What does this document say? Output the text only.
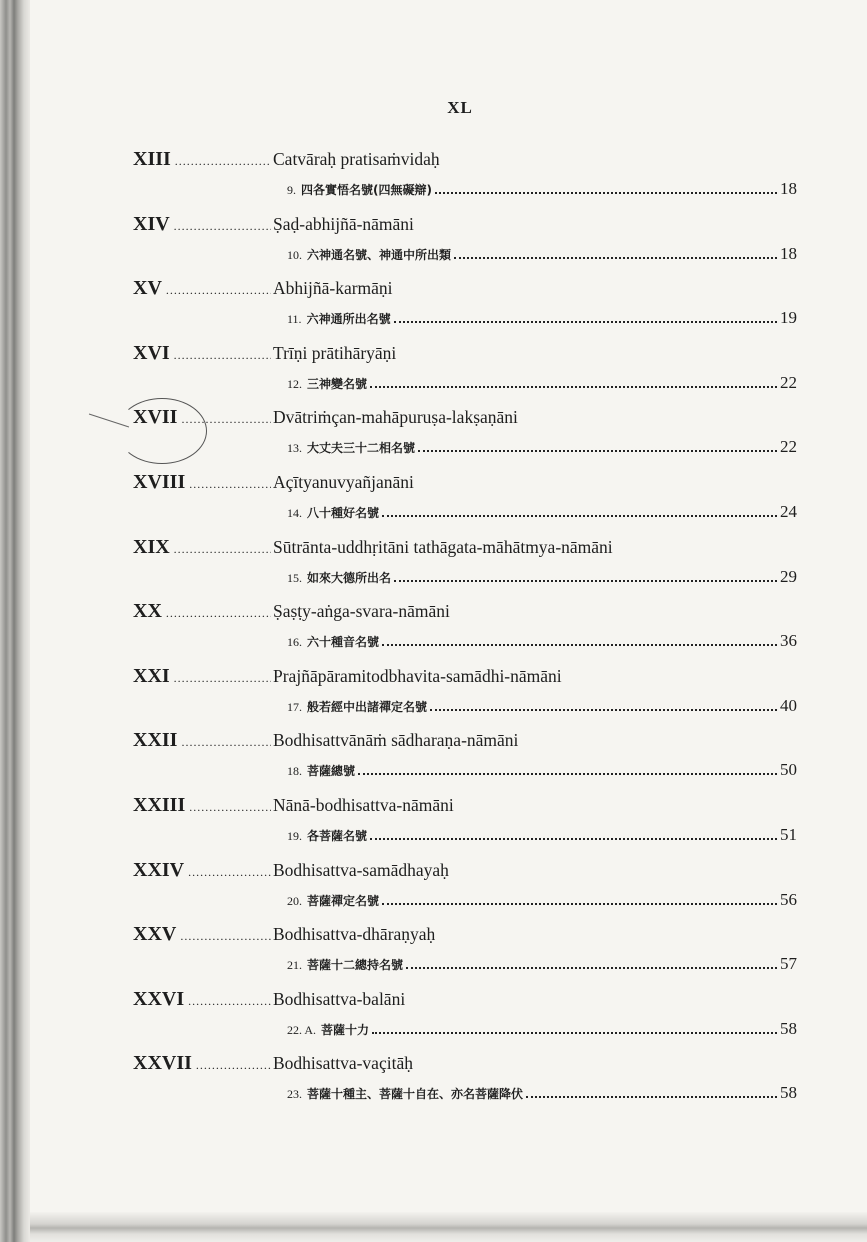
XL
XIII .....	Catvāraḥ pratisaṁvidaḥ
9. 四各實悟名號(四無礙辯)	18
XIV .....	Ṣaḍ-abhijñā-nāmāni
10. 六神通名號、神通中所出類	18
XV .....	Abhijñā-karmāṇi
11. 六神通所出名號	19
XVI .....	Trīṇi prātihāryāṇi
12. 三神變名號	22
XVII .....	Dvātriṁçan-mahāpuruṣa-lakṣaṇāni
13. 大丈夫三十二相名號	22
XVIII .....	Açītyanuvyañjanāni
14. 八十種好名號	24
XIX .....	Sūtrānta-uddhṛitāni tathāgata-māhātmya-nāmāni
15. 如來大德所出名	29
XX .....	Ṣaṣṭy-aṅga-svara-nāmāni
16. 六十種音名號	36
XXI .....	Prajñāpāramitodbhavita-samādhi-nāmāni
17. 般若經中出諸禪定名號	40
XXII .....	Bodhisattvānāṁ sādharaṇa-nāmāni
18. 菩薩總號	50
XXIII .....	Nānā-bodhisattva-nāmāni
19. 各菩薩名號	51
XXIV .....	Bodhisattva-samādhayaḥ
20. 菩薩禪定名號	56
XXV .....	Bodhisattva-dhāraṇyaḥ
21. 菩薩十二總持名號	57
XXVI .....	Bodhisattva-balāni
22. A. 菩薩十力	58
XXVII .....	Bodhisattva-vaçitāḥ
23. 菩薩十種主、菩薩十自在、亦名菩薩降伏	58
